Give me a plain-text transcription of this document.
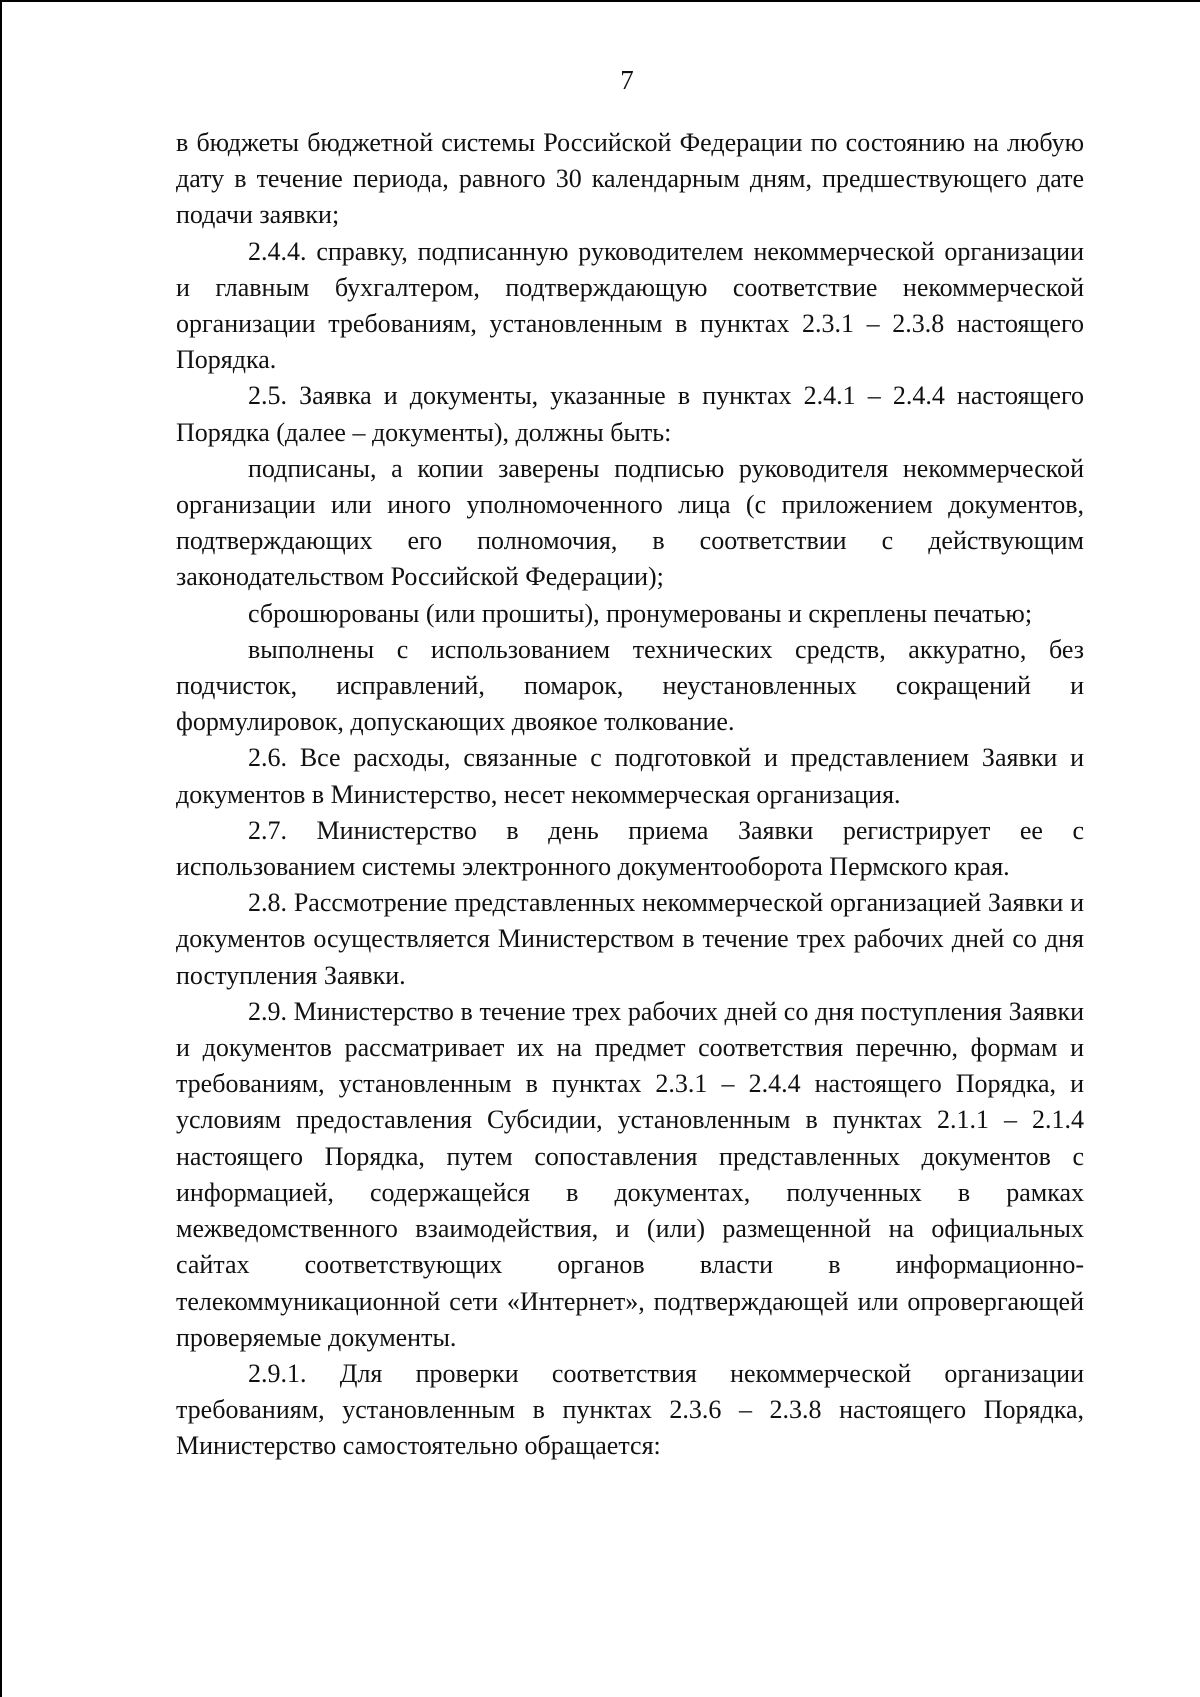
7

в бюджеты бюджетной системы Российской Федерации по состоянию на любую дату в течение периода, равного 30 календарным дням, предшествующего дате подачи заявки;

2.4.4. справку, подписанную руководителем некоммерческой организации и главным бухгалтером, подтверждающую соответствие некоммерческой организации требованиям, установленным в пунктах 2.3.1 – 2.3.8 настоящего Порядка.

2.5. Заявка и документы, указанные в пунктах 2.4.1 – 2.4.4 настоящего Порядка (далее – документы), должны быть:

подписаны, а копии заверены подписью руководителя некоммерческой организации или иного уполномоченного лица (с приложением документов, подтверждающих его полномочия, в соответствии с действующим законодательством Российской Федерации);

сброшюрованы (или прошиты), пронумерованы и скреплены печатью;

выполнены с использованием технических средств, аккуратно, без подчисток, исправлений, помарок, неустановленных сокращений и формулировок, допускающих двоякое толкование.

2.6. Все расходы, связанные с подготовкой и представлением Заявки и документов в Министерство, несет некоммерческая организация.

2.7. Министерство в день приема Заявки регистрирует ее с использованием системы электронного документооборота Пермского края.

2.8. Рассмотрение представленных некоммерческой организацией Заявки и документов осуществляется Министерством в течение трех рабочих дней со дня поступления Заявки.

2.9. Министерство в течение трех рабочих дней со дня поступления Заявки и документов рассматривает их на предмет соответствия перечню, формам и требованиям, установленным в пунктах 2.3.1 – 2.4.4 настоящего Порядка, и условиям предоставления Субсидии, установленным в пунктах 2.1.1 – 2.1.4 настоящего Порядка, путем сопоставления представленных документов с информацией, содержащейся в документах, полученных в рамках межведомственного взаимодействия, и (или) размещенной на официальных сайтах соответствующих органов власти в информационно-телекоммуникационной сети «Интернет», подтверждающей или опровергающей проверяемые документы.

2.9.1. Для проверки соответствия некоммерческой организации требованиям, установленным в пунктах 2.3.6 – 2.3.8 настоящего Порядка, Министерство самостоятельно обращается:
